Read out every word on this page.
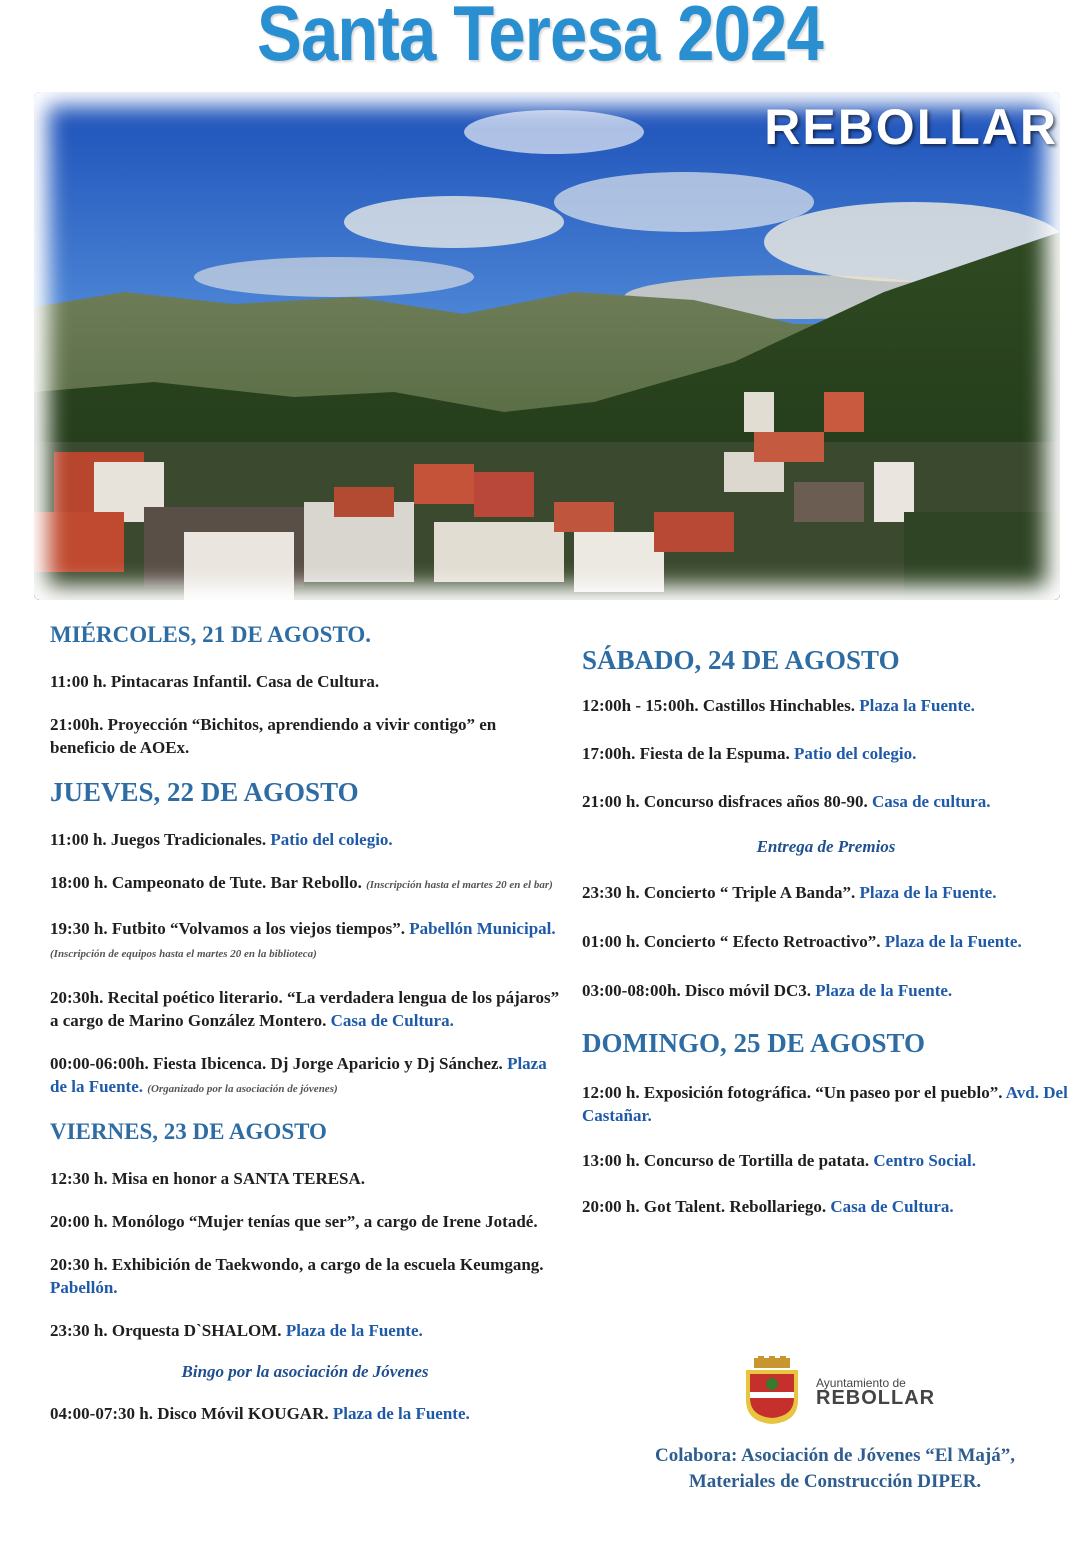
Santa Teresa 2024
REBOLLAR

MIÉRCOLES, 21 DE AGOSTO.

11:00 h. Pintacaras Infantil. Casa de Cultura.

21:00h. Proyección “Bichitos, aprendiendo a vivir contigo” en beneficio de AOEx.

JUEVES, 22 DE AGOSTO

11:00 h. Juegos Tradicionales. Patio del colegio.

18:00 h. Campeonato de Tute. Bar Rebollo. (Inscripción hasta el martes 20 en el bar)

19:30 h. Futbito “Volvamos a los viejos tiempos”. Pabellón Municipal. (Inscripción de equipos hasta el martes 20 en la biblioteca)

20:30h. Recital poético literario. “La verdadera lengua de los pájaros” a cargo de Marino González Montero. Casa de Cultura.

00:00-06:00h. Fiesta Ibicenca. Dj Jorge Aparicio y Dj Sánchez. Plaza de la Fuente. (Organizado por la asociación de jóvenes)

VIERNES, 23 DE AGOSTO

12:30 h. Misa en honor a SANTA TERESA.

20:00 h. Monólogo “Mujer tenías que ser”, a cargo de Irene Jotadé.

20:30 h. Exhibición de Taekwondo, a cargo de la escuela Keumgang. Pabellón.

23:30 h. Orquesta D`SHALOM. Plaza de la Fuente.

Bingo por la asociación de Jóvenes

04:00-07:30 h. Disco Móvil KOUGAR. Plaza de la Fuente.

SÁBADO, 24 DE AGOSTO

12:00h - 15:00h. Castillos Hinchables. Plaza la Fuente.

17:00h. Fiesta de la Espuma. Patio del colegio.

21:00 h. Concurso disfraces años 80-90. Casa de cultura.

Entrega de Premios

23:30 h. Concierto “ Triple A Banda”. Plaza de la Fuente.

01:00 h. Concierto “ Efecto Retroactivo”. Plaza de la Fuente.

03:00-08:00h. Disco móvil DC3. Plaza de la Fuente.

DOMINGO, 25 DE AGOSTO

12:00 h. Exposición fotográfica. “Un paseo por el pueblo”. Avd. Del Castañar.

13:00 h. Concurso de Tortilla de patata. Centro Social.

20:00 h. Got Talent. Rebollariego. Casa de Cultura.

Ayuntamiento de
REBOLLAR
Colabora: Asociación de Jóvenes “El Majá”,
Materiales de Construcción DIPER.
